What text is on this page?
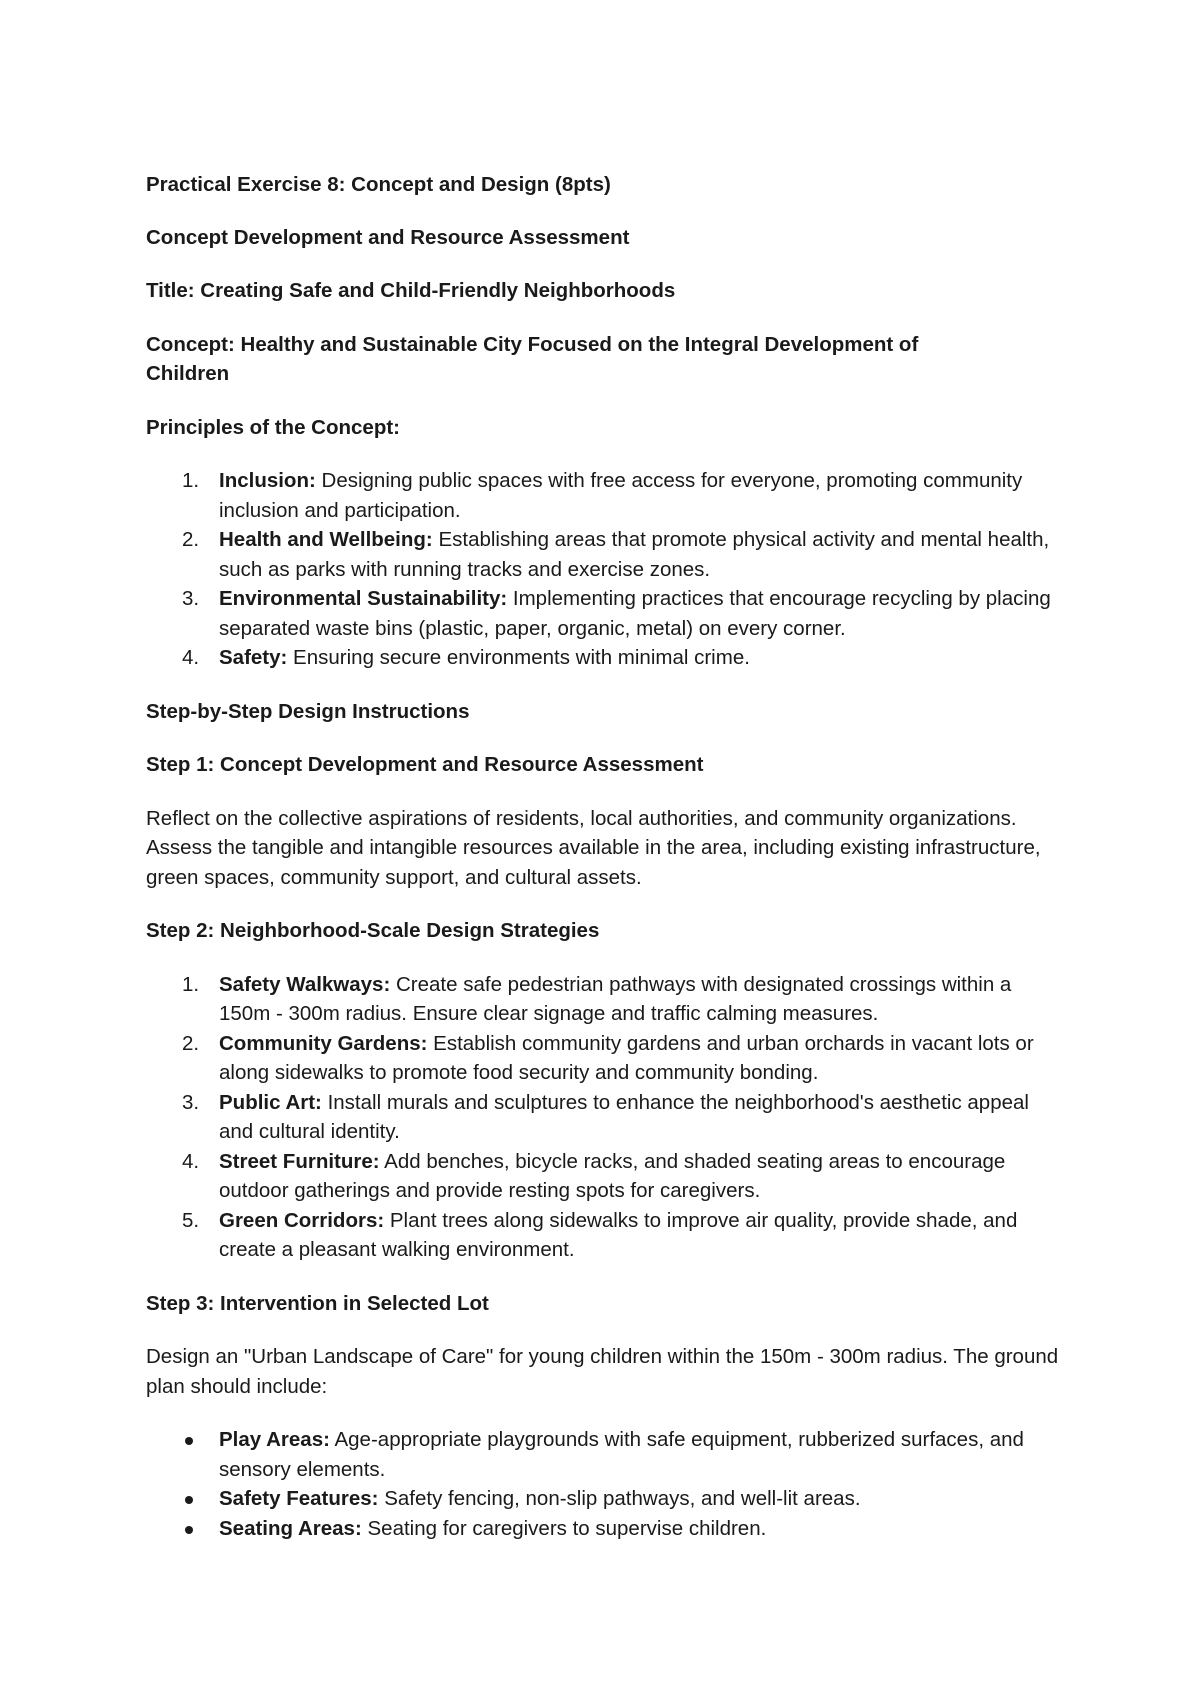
Practical Exercise 8: Concept and Design (8pts)

Concept Development and Resource Assessment

Title: Creating Safe and Child-Friendly Neighborhoods

Concept: Healthy and Sustainable City Focused on the Integral Development of

Children

Principles of the Concept:

1. Inclusion: Designing public spaces with free access for everyone, promoting community inclusion and participation.
2. Health and Wellbeing: Establishing areas that promote physical activity and mental health, such as parks with running tracks and exercise zones.
3. Environmental Sustainability: Implementing practices that encourage recycling by placing separated waste bins (plastic, paper, organic, metal) on every corner.
4. Safety: Ensuring secure environments with minimal crime.

Step-by-Step Design Instructions

Step 1: Concept Development and Resource Assessment

Reflect on the collective aspirations of residents, local authorities, and community organizations. Assess the tangible and intangible resources available in the area, including existing infrastructure, green spaces, community support, and cultural assets.

Step 2: Neighborhood-Scale Design Strategies

1. Safety Walkways: Create safe pedestrian pathways with designated crossings within a 150m - 300m radius. Ensure clear signage and traffic calming measures.
2. Community Gardens: Establish community gardens and urban orchards in vacant lots or along sidewalks to promote food security and community bonding.
3. Public Art: Install murals and sculptures to enhance the neighborhood's aesthetic appeal and cultural identity.
4. Street Furniture: Add benches, bicycle racks, and shaded seating areas to encourage outdoor gatherings and provide resting spots for caregivers.
5. Green Corridors: Plant trees along sidewalks to improve air quality, provide shade, and create a pleasant walking environment.

Step 3: Intervention in Selected Lot

Design an "Urban Landscape of Care" for young children within the 150m - 300m radius. The ground plan should include:

Play Areas: Age-appropriate playgrounds with safe equipment, rubberized surfaces, and sensory elements.
Safety Features: Safety fencing, non-slip pathways, and well-lit areas.
Seating Areas: Seating for caregivers to supervise children.
